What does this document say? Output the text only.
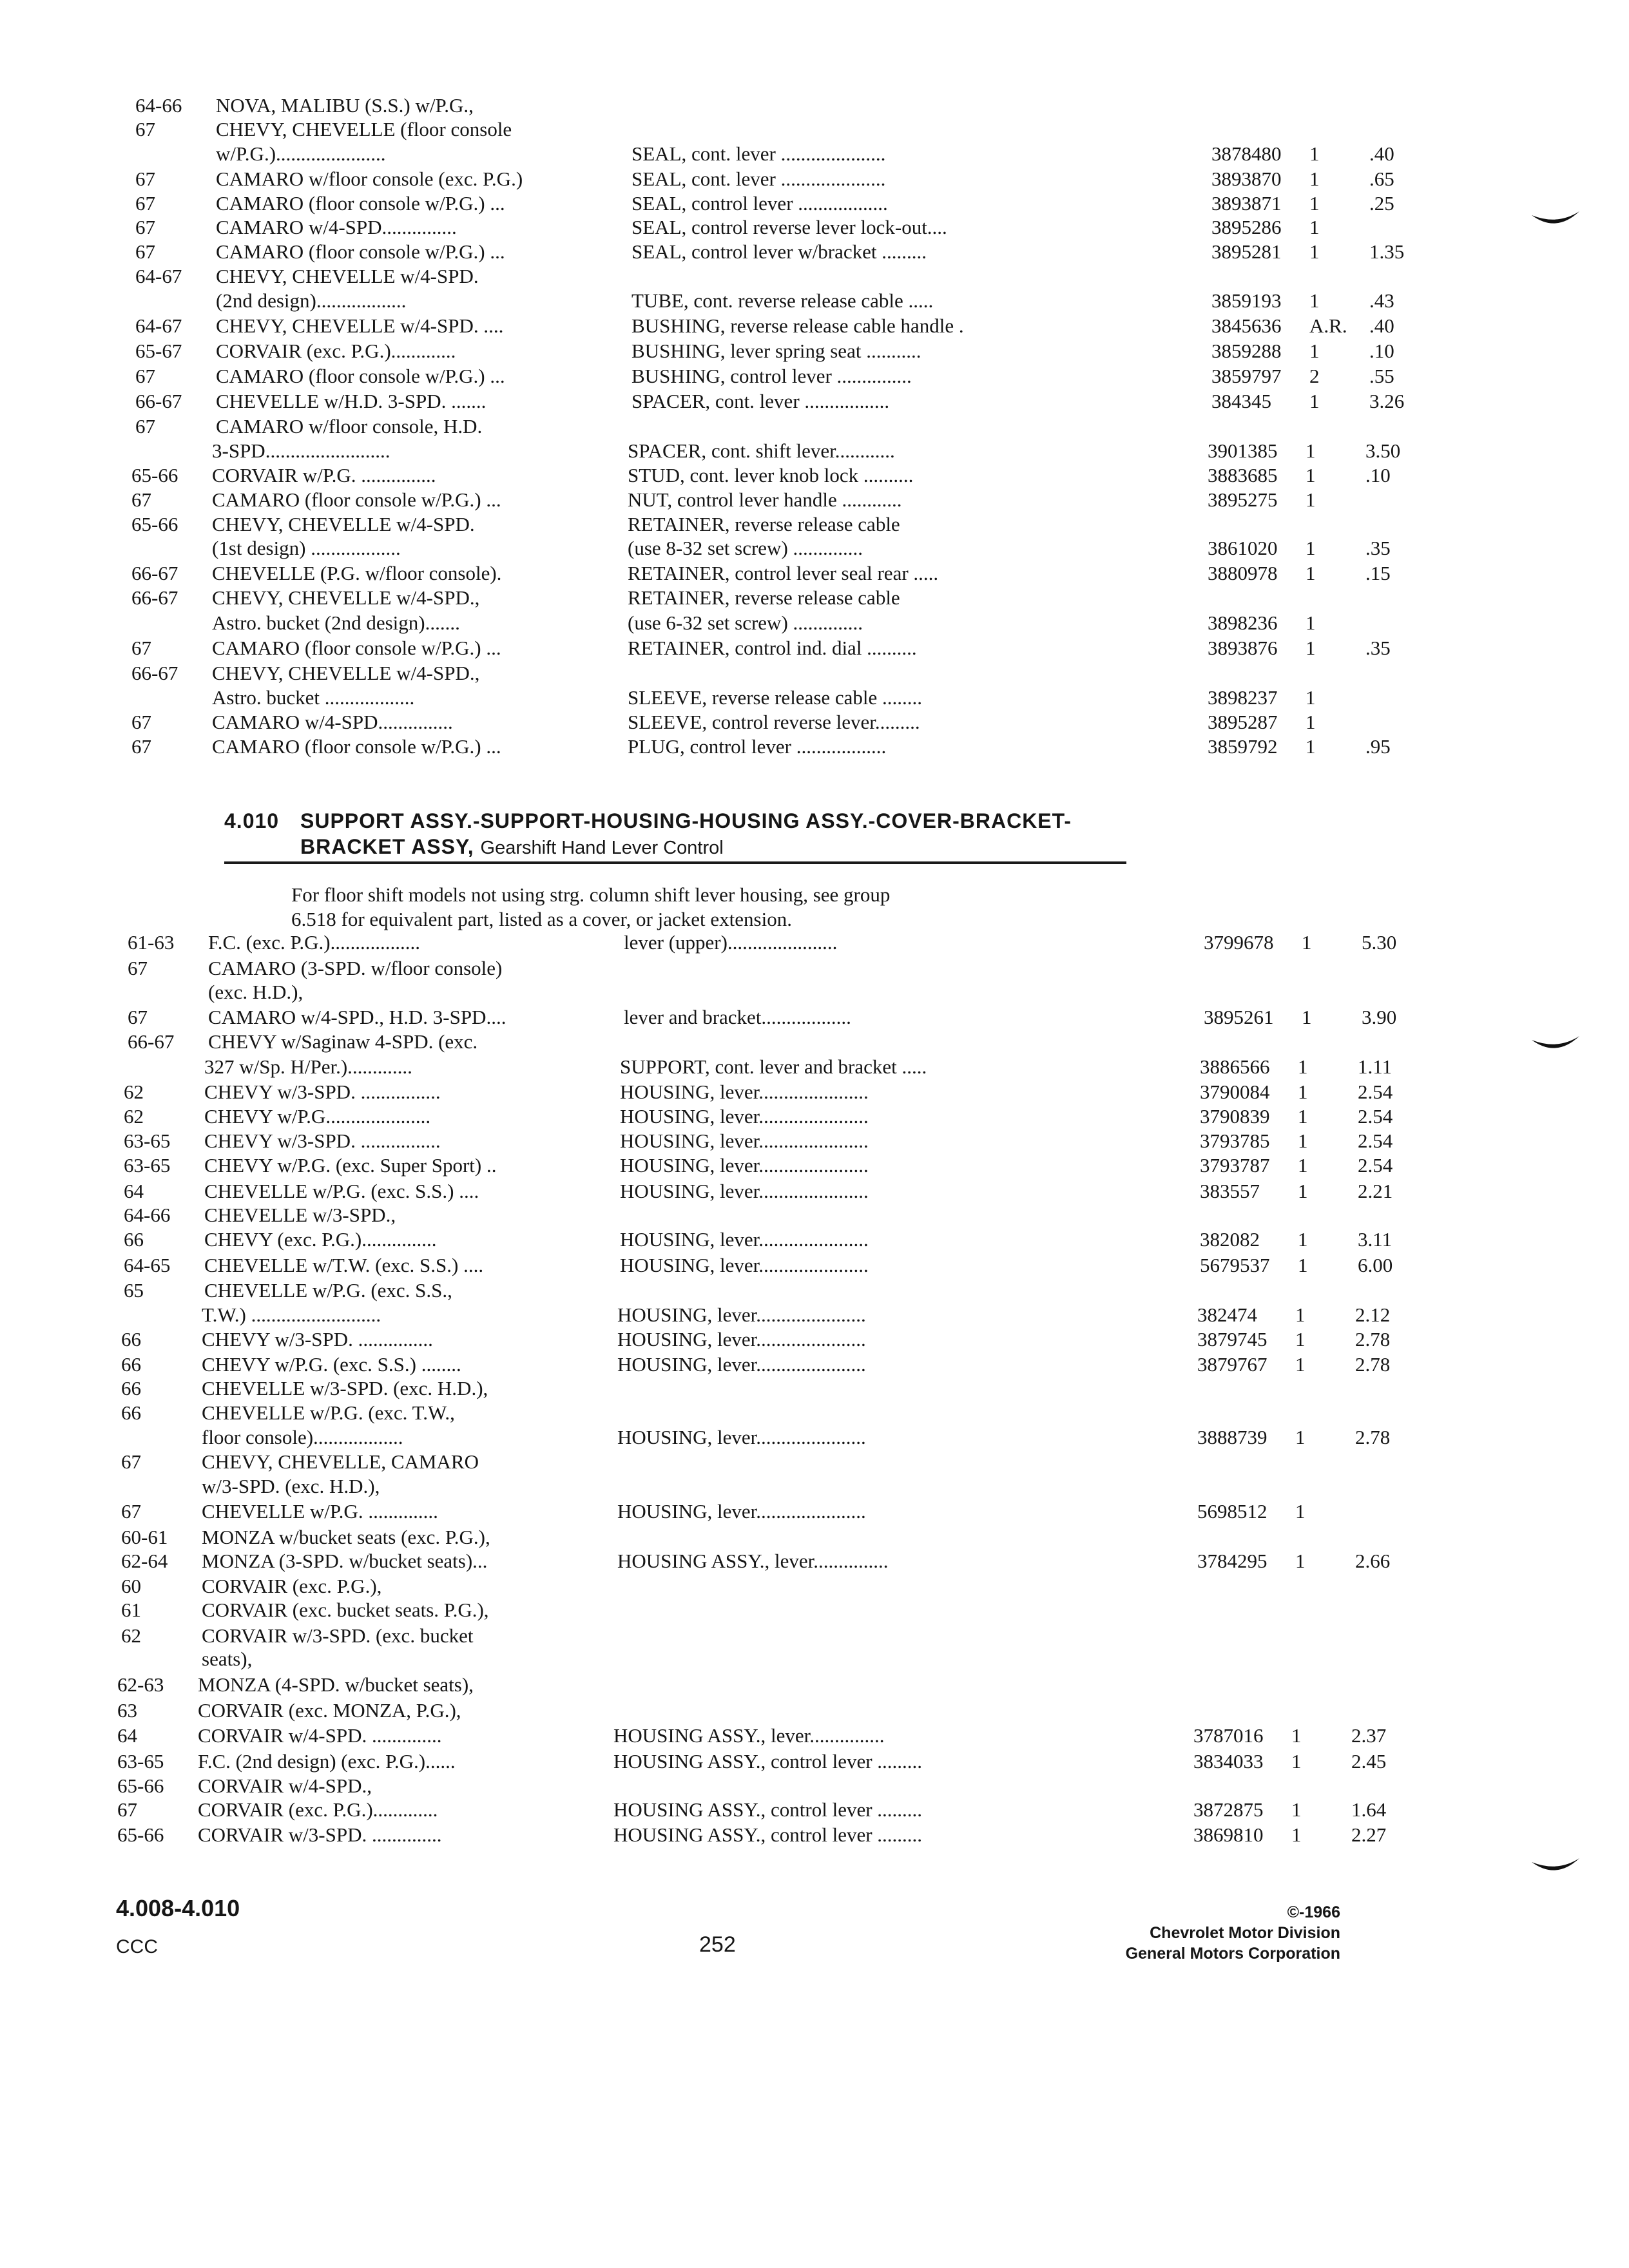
64-66 NOVA, MALIBU (S.S.) w/P.G.,
67	CHEVY, CHEVELLE (floor console
w/P.G.)......................	SEAL, cont. lever .....................	3878480 1	.40
67	CAMARO w/floor console (exc. P.G.)	SEAL, cont. lever .....................	3893870 1	.65
67	CAMARO (floor console w/P.G.) ...	SEAL, control lever ..................	3893871 1	.25
67	CAMARO w/4-SPD...............	SEAL, control reverse lever lock-out....	3895286 1
67	CAMARO (floor console w/P.G.) ...	SEAL, control lever w/bracket .........	3895281 1	1.35
64-67 CHEVY, CHEVELLE w/4-SPD.
(2nd design)..................	TUBE, cont. reverse release cable .....	3859193 1	.43
64-67 CHEVY, CHEVELLE w/4-SPD. ....	BUSHING, reverse release cable handle .	3845636 A.R. .40
65-67 CORVAIR (exc. P.G.).............	BUSHING, lever spring seat ...........	3859288 1	.10
67	CAMARO (floor console w/P.G.) ...	BUSHING, control lever ...............	3859797 2	.55
66-67 CHEVELLE w/H.D. 3-SPD. .......	SPACER, cont. lever .................	384345 1	3.26
67	CAMARO w/floor console, H.D.
3-SPD.........................	SPACER, cont. shift lever............	3901385 1	3.50
65-66 CORVAIR w/P.G. ...............	STUD, cont. lever knob lock ..........	3883685 1	.10
67	CAMARO (floor console w/P.G.) ...	NUT, control lever handle ............	3895275 1
65-66 CHEVY, CHEVELLE w/4-SPD.	RETAINER, reverse release cable
(1st design) ..................	(use 8-32 set screw) ..............	3861020 1	.35
66-67 CHEVELLE (P.G. w/floor console).	RETAINER, control lever seal rear .....	3880978 1	.15
66-67 CHEVY, CHEVELLE w/4-SPD.,	RETAINER, reverse release cable
Astro. bucket (2nd design).......	(use 6-32 set screw) ..............	3898236 1
67	CAMARO (floor console w/P.G.) ...	RETAINER, control ind. dial ..........	3893876 1	.35
66-67 CHEVY, CHEVELLE w/4-SPD.,
Astro. bucket ..................	SLEEVE, reverse release cable ........	3898237 1
67	CAMARO w/4-SPD...............	SLEEVE, control reverse lever.........	3895287 1
67	CAMARO (floor console w/P.G.) ...	PLUG, control lever ..................	3859792 1	.95
4.010 SUPPORT ASSY.-SUPPORT-HOUSING-HOUSING ASSY.-COVER-BRACKET-
BRACKET ASSY, Gearshift Hand Lever Control
For floor shift models not using strg. column shift lever housing, see group
6.518 for equivalent part, listed as a cover, or jacket extension.
61-63 F.C. (exc. P.G.)..................	lever (upper)......................	3799678 1	5.30
67	CAMARO (3-SPD. w/floor console)
(exc. H.D.),
67	CAMARO w/4-SPD., H.D. 3-SPD....	lever and bracket..................	3895261 1	3.90
66-67 CHEVY w/Saginaw 4-SPD. (exc.
327 w/Sp. H/Per.).............	SUPPORT, cont. lever and bracket .....	3886566 1	1.11
62	CHEVY w/3-SPD. ................	HOUSING, lever......................	3790084 1	2.54
62	CHEVY w/P.G.....................	HOUSING, lever......................	3790839 1	2.54
63-65 CHEVY w/3-SPD. ................	HOUSING, lever......................	3793785 1	2.54
63-65 CHEVY w/P.G. (exc. Super Sport) ..	HOUSING, lever......................	3793787 1	2.54
64	CHEVELLE w/P.G. (exc. S.S.) ....	HOUSING, lever......................	383557 1	2.21
64-66 CHEVELLE w/3-SPD.,
66	CHEVY (exc. P.G.)...............	HOUSING, lever......................	382082 1	3.11
64-65 CHEVELLE w/T.W. (exc. S.S.) ....	HOUSING, lever......................	5679537 1	6.00
65	CHEVELLE w/P.G. (exc. S.S.,
T.W.) ..........................	HOUSING, lever......................	382474 1	2.12
66	CHEVY w/3-SPD. ...............	HOUSING, lever......................	3879745 1	2.78
66	CHEVY w/P.G. (exc. S.S.) ........	HOUSING, lever......................	3879767 1	2.78
66	CHEVELLE w/3-SPD. (exc. H.D.),
66	CHEVELLE w/P.G. (exc. T.W.,
floor console)..................	HOUSING, lever......................	3888739 1	2.78
67	CHEVY, CHEVELLE, CAMARO
w/3-SPD. (exc. H.D.),
67	CHEVELLE w/P.G. ..............	HOUSING, lever......................	5698512 1
60-61 MONZA w/bucket seats (exc. P.G.),
62-64 MONZA (3-SPD. w/bucket seats)...	HOUSING ASSY., lever...............	3784295 1	2.66
60	CORVAIR (exc. P.G.),
61	CORVAIR (exc. bucket seats. P.G.),
62	CORVAIR w/3-SPD. (exc. bucket
seats),
62-63 MONZA (4-SPD. w/bucket seats),
63	CORVAIR (exc. MONZA, P.G.),
64	CORVAIR w/4-SPD. ..............	HOUSING ASSY., lever...............	3787016 1	2.37
63-65 F.C. (2nd design) (exc. P.G.)......	HOUSING ASSY., control lever .........	3834033 1	2.45
65-66 CORVAIR w/4-SPD.,
67	CORVAIR (exc. P.G.).............	HOUSING ASSY., control lever .........	3872875 1	1.64
65-66 CORVAIR w/3-SPD. ..............	HOUSING ASSY., control lever .........	3869810 1	2.27
4.008-4.010
CCC	252
©-1966
Chevrolet Motor Division
General Motors Corporation
